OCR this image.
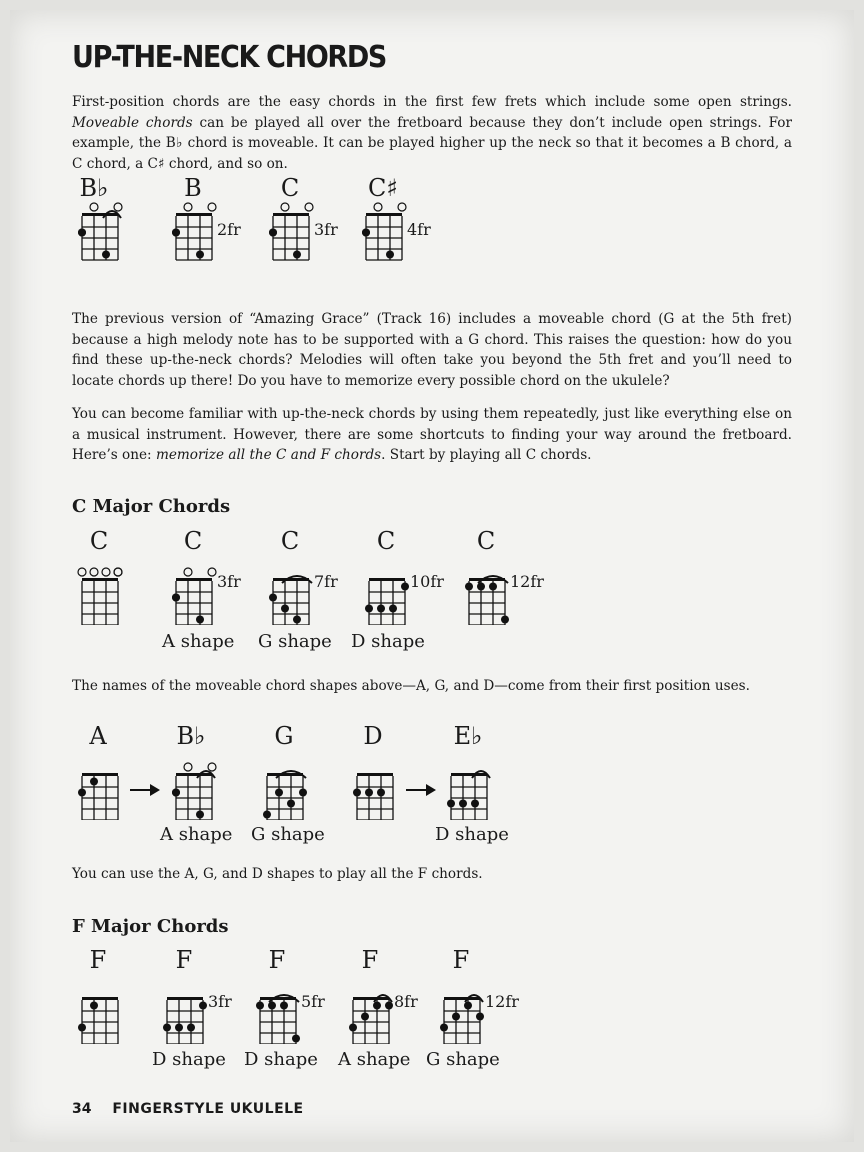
UP-THE-NECK CHORDS

First-position chords are the easy chords in the first few frets which include some open strings. Moveable chords can be played all over the fretboard because they don’t include open strings. For example, the B♭ chord is moveable. It can be played higher up the neck so that it becomes a B chord, a C chord, a C♯ chord, and so on.

B♭	B
2fr
C
3fr
C♯
4fr

The previous version of “Amazing Grace” (Track 16) includes a moveable chord (G at the 5th fret) because a high melody note has to be supported with a G chord. This raises the question: how do you find these up-the-neck chords? Melodies will often take you beyond the 5th fret and you’ll need to locate chords up there! Do you have to memorize every possible chord on the ukulele?

You can become familiar with up-the-neck chords by using them repeatedly, just like everything else on a musical instrument. However, there are some shortcuts to finding your way around the fretboard. Here’s one: memorize all the C and F chords. Start by playing all C chords.

C Major Chords
C	C
3fr
A shape
C
7fr
G shape
C
10fr
D shape
C
12fr

The names of the moveable chord shapes above—A, G, and D—come from their first position uses.

A	B♭
A shape
G
G shape
D	E♭
D shape

You can use the A, G, and D shapes to play all the F chords.

F Major Chords
F	F
3fr
D shape
F
5fr
D shape
F
8fr
A shape
F
12fr
G shape
34 FINGERSTYLE UKULELE
